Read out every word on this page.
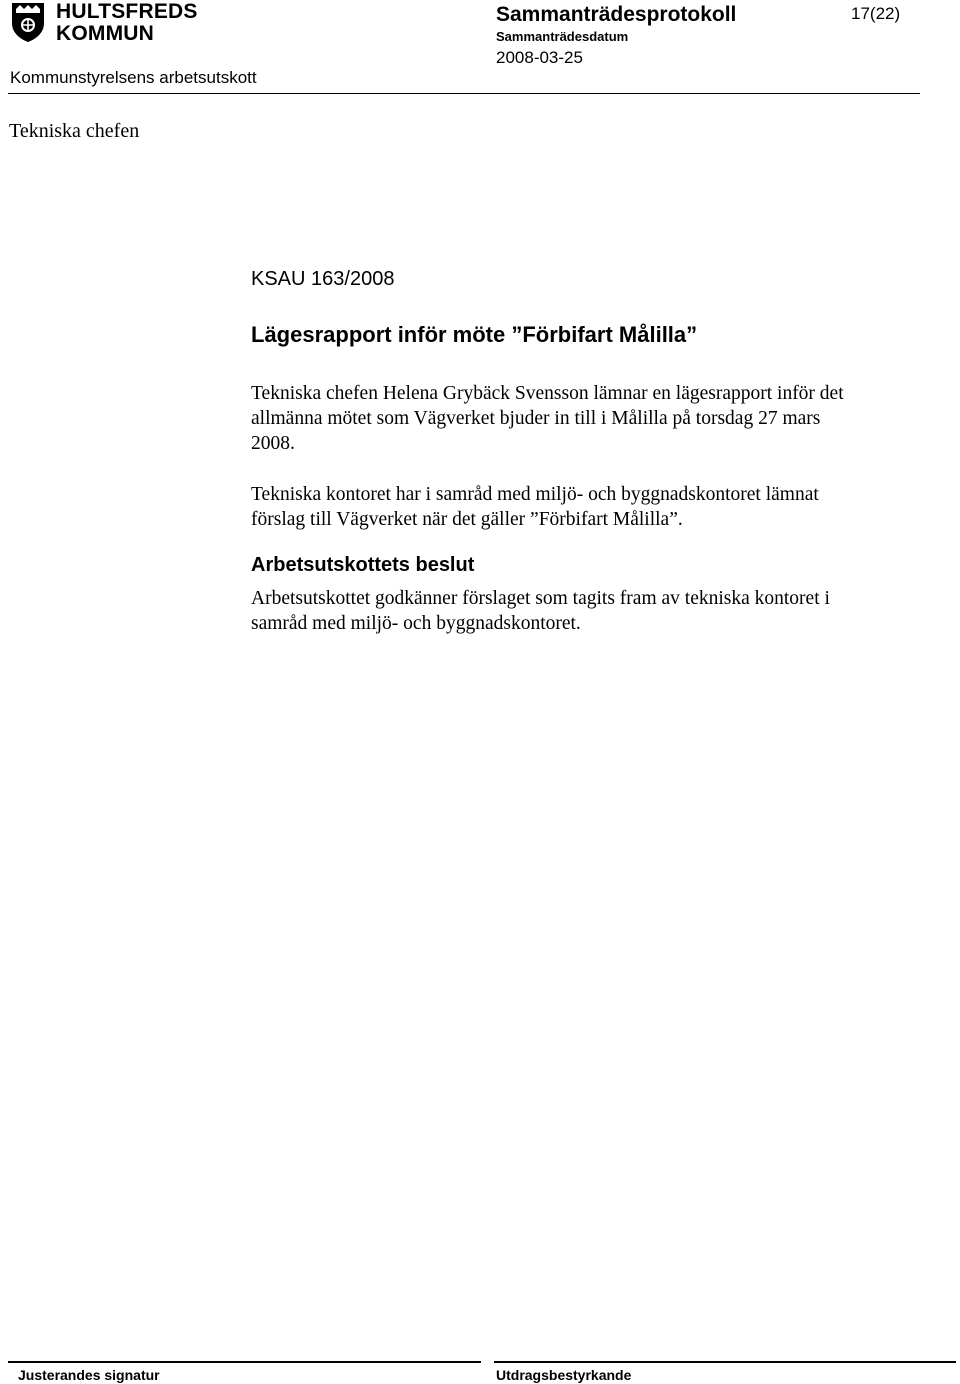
HULTSFREDS
KOMMUN
Sammanträdesprotokoll
Sammanträdesdatum
2008-03-25
17(22)
Kommunstyrelsens arbetsutskott
Tekniska chefen
KSAU 163/2008
Lägesrapport inför möte ”Förbifart Målilla”
Tekniska chefen Helena Grybäck Svensson lämnar en lägesrapport inför det
allmänna mötet som Vägverket bjuder in till i Målilla på torsdag 27 mars
2008.
Tekniska kontoret har i samråd med miljö- och byggnadskontoret lämnat
förslag till Vägverket när det gäller ”Förbifart Målilla”.
Arbetsutskottets beslut
Arbetsutskottet godkänner förslaget som tagits fram av tekniska kontoret i
samråd med miljö- och byggnadskontoret.
Justerandes signatur	Utdragsbestyrkande
